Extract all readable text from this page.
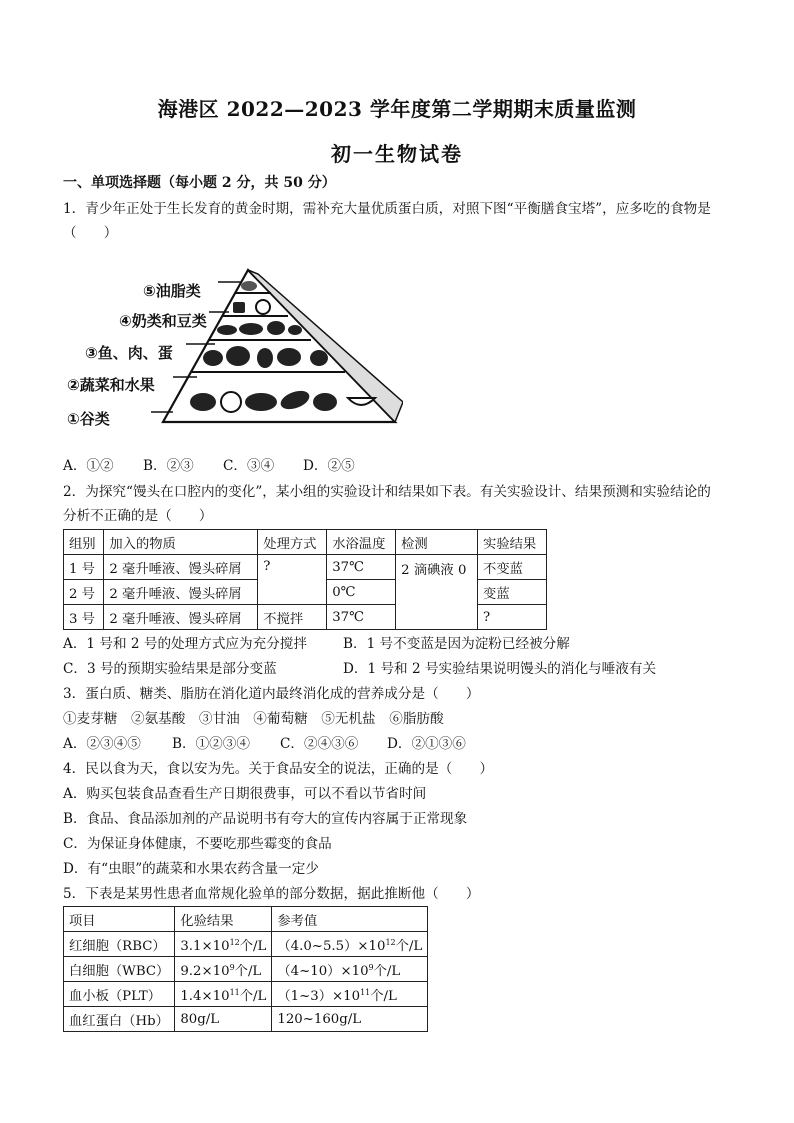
海港区 2022—2023 学年度第二学期期末质量监测
初一生物试卷
一、单项选择题（每小题 2 分，共 50 分）
1．青少年正处于生长发育的黄金时期，需补充大量优质蛋白质，对照下图“平衡膳食宝塔”，应多吃的食物是
（　　）
⑤油脂类
④奶类和豆类
③鱼、肉、蛋
②蔬菜和水果
①谷类
A．①② B．②③ C．③④ D．②⑤
2．为探究“馒头在口腔内的变化”，某小组的实验设计和结果如下表。有关实验设计、结果预测和实验结论的
分析不正确的是（　　）
组别	加入的物质	处理方式	水浴温度	检测	实验结果
1 号	2 毫升唾液、馒头碎屑	?	37℃	2 滴碘液 0	不变蓝
2 号	2 毫升唾液、馒头碎屑		0℃		变蓝
3 号	2 毫升唾液、馒头碎屑	不搅拌	37℃		?
A．1 号和 2 号的处理方式应为充分搅拌	B．1 号不变蓝是因为淀粉已经被分解
C．3 号的预期实验结果是部分变蓝	D．1 号和 2 号实验结果说明馒头的消化与唾液有关
3．蛋白质、糖类、脂肪在消化道内最终消化成的营养成分是（　　）
①麦芽糖　②氨基酸　③甘油　④葡萄糖　⑤无机盐　⑥脂肪酸
A．②③④⑤ B．①②③④ C．②④③⑥ D．②①③⑥
4．民以食为天，食以安为先。关于食品安全的说法，正确的是（　　）
A．购买包装食品查看生产日期很费事，可以不看以节省时间
B．食品、食品添加剂的产品说明书有夸大的宣传内容属于正常现象
C．为保证身体健康，不要吃那些霉变的食品
D．有“虫眼”的蔬菜和水果农药含量一定少
5．下表是某男性患者血常规化验单的部分数据，据此推断他（　　）
项目	化验结果	参考值
红细胞（RBC）	$3.1\times 10^{12}$个/L	$(4.0\sim 5.5)\times 10^{12}$个/L
白细胞（WBC）	$9.2\times 10^9$个/L	$(4\sim 10)\times 10^9$个/L
血小板（PLT）	$1.4\times 10^{11}$个/L	$(1\sim 3)\times 10^{11}$个/L
血红蛋白（Hb）	80g/L	120~160g/L
